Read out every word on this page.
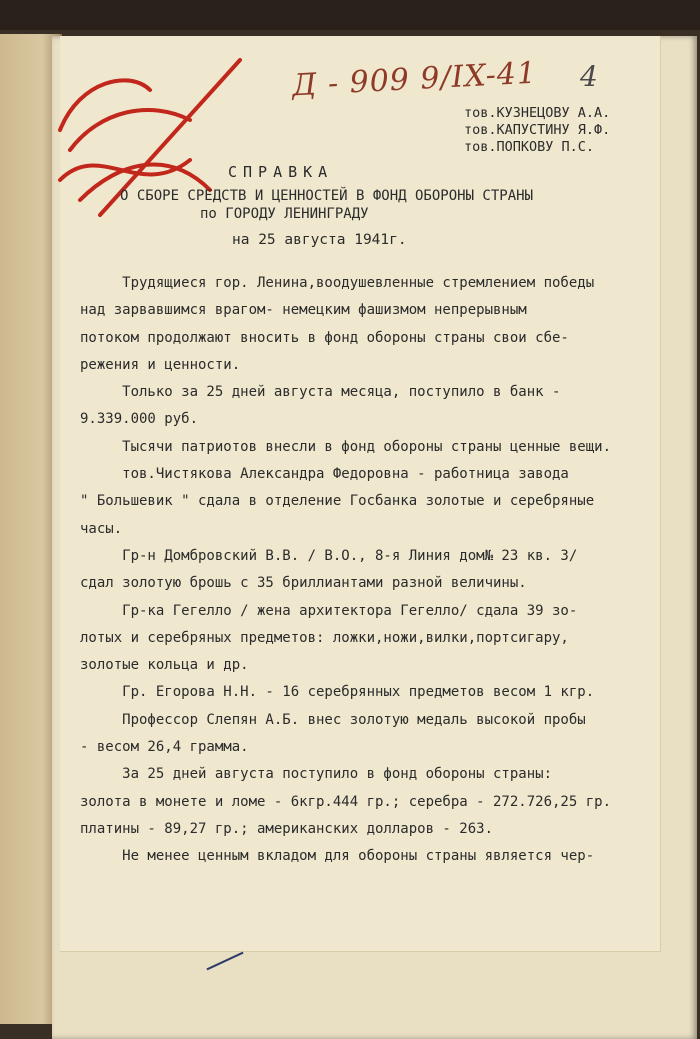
Д - 909 9/IX-41 4
тов.КУЗНЕЦОВУ А.А.
тов.КАПУСТИНУ Я.Ф.
тов.ПОПКОВУ П.С.
СПРАВКА
О СБОРЕ СРЕДСТВ И ЦЕННОСТЕЙ В ФОНД ОБОРОНЫ СТРАНЫ
по ГОРОДУ ЛЕНИНГРАДУ
на 25 августа 1941г.
Трудящиеся гор. Ленина,воодушевленные стремлением победы
над зарвавшимся врагом- немецким фашизмом непрерывным
потоком продолжают вносить в фонд обороны страны свои сбе-
режения и ценности.
Только за 25 дней августа месяца, поступило в банк -
9.339.000 руб.
Тысячи патриотов внесли в фонд обороны страны ценные вещи.
тов.Чистякова Александра Федоровна - работница завода
" Большевик " сдала в отделение Госбанка золотые и серебряные
часы.
Гр-н Домбровский В.В. / В.О., 8-я Линия дом№ 23 кв. 3/
сдал золотую брошь с 35 бриллиантами разной величины.
Гр-ка Гегелло / жена архитектора Гегелло/ сдала 39 зо-
лотых и серебряных предметов: ложки,ножи,вилки,портсигару,
золотые кольца и др.
Гр. Егорова Н.Н. - 16 серебрянных предметов весом 1 кгр.
Профессор Слепян А.Б. внес золотую медаль высокой пробы
- весом 26,4 грамма.
За 25 дней августа поступило в фонд обороны страны:
золота в монете и ломе - 6кгр.444 гр.; серебра - 272.726,25 гр.
платины - 89,27 гр.; американских долларов - 263.
Не менее ценным вкладом для обороны страны является чер-
